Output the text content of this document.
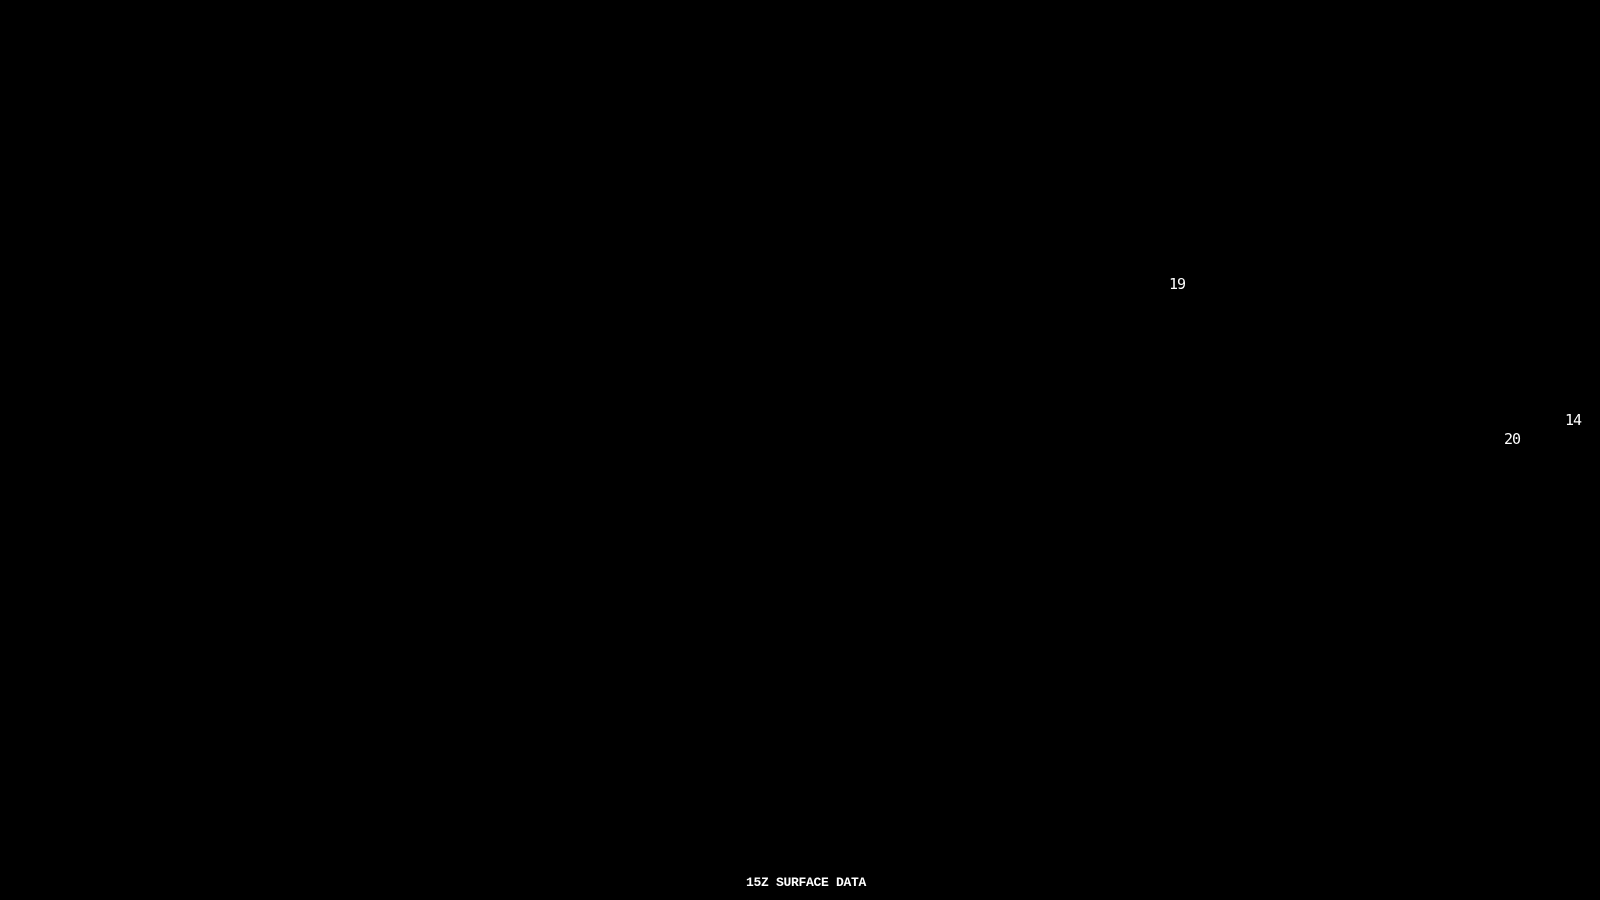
19
14
20
15Z SURFACE DATA
